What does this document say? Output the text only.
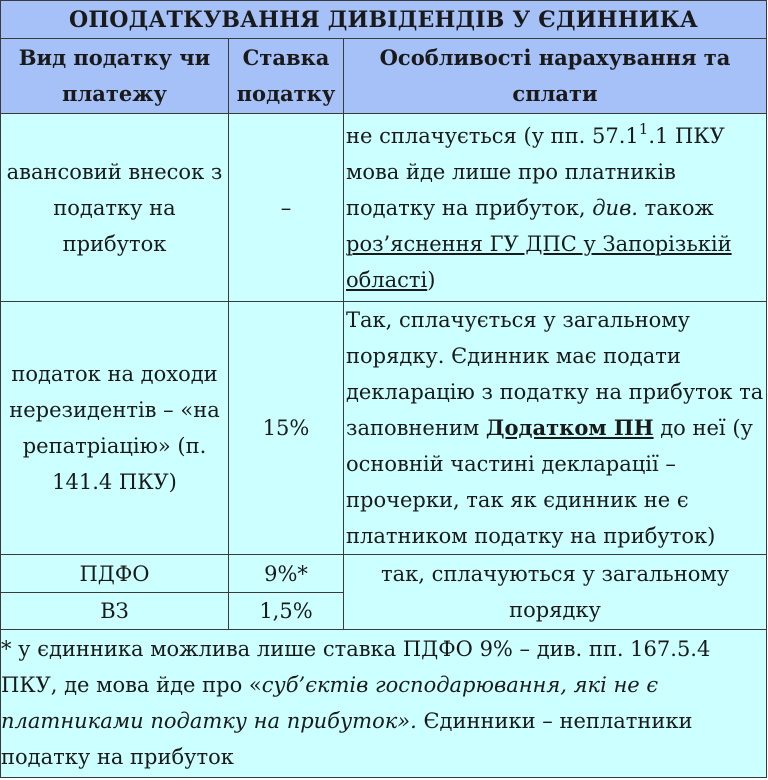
ОПОДАТКУВАННЯ ДИВІДЕНДІВ У ЄДИННИКА		
Вид податку чи платежу	Ставка податку	Особливості нарахування та сплати
авансовий внесок з податку на прибуток	–	не сплачується (у пп. 57.1$^1$.1 ПКУ мова йде лише про платників податку на прибуток, див. також роз’яснення ГУ ДПС у Запорізькій області)
податок на доходи нерезидентів – «на репатріацію» (п. 141.4 ПКУ)	15%	Так, сплачується у загальному порядку. Єдинник має подати декларацію з податку на прибуток та заповненим Додатком ПН до неї (у основній частині декларації – прочерки, так як єдинник не є платником податку на прибуток)
ПДФО	9%*	так, сплачуються у загальному порядку
ВЗ	1,5%	
* у єдинника можлива лише ставка ПДФО 9% – див. пп. 167.5.4 ПКУ, де мова йде про «суб’єктів господарювання, які не є платниками податку на прибуток». Єдинники – неплатники податку на прибуток		
